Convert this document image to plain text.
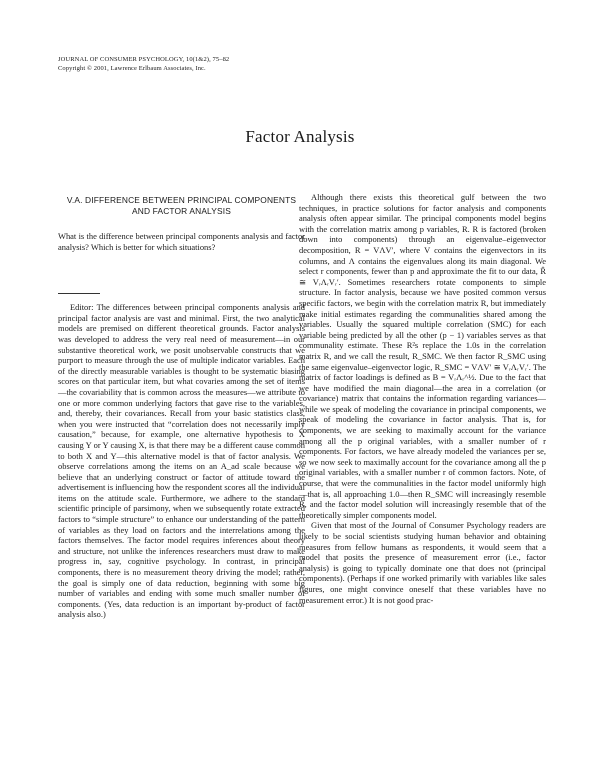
JOURNAL OF CONSUMER PSYCHOLOGY, 10(1&2), 75–82
Copyright © 2001, Lawrence Erlbaum Associates, Inc.
Factor Analysis
V.A. DIFFERENCE BETWEEN PRINCIPAL COMPONENTS AND FACTOR ANALYSIS

What is the difference between principal components analysis and factor analysis? Which is better for which situations?

Editor: The differences between principal components analysis and principal factor analysis are vast and minimal. First, the two analytical models are premised on different theoretical grounds. Factor analysis was developed to address the very real need of measurement—in our substantive theoretical work, we posit unobservable constructs that we purport to measure through the use of multiple indicator variables. Each of the directly measurable variables is thought to be systematic biasing scores on that particular item, but what covaries among the set of items—the covariability that is common across the measures—we attribute to one or more common underlying factors that gave rise to the variables, and, thereby, their covariances. Recall from your basic statistics class, when you were instructed that “correlation does not necessarily imply causation,” because, for example, one alternative hypothesis to X causing Y or Y causing X, is that there may be a different cause common to both X and Y—this alternative model is that of factor analysis. We observe correlations among the items on an A_ad scale because we believe that an underlying construct or factor of attitude toward the advertisement is influencing how the respondent scores all the individual items on the attitude scale. Furthermore, we adhere to the standard scientific principle of parsimony, when we subsequently rotate extracted factors to “simple structure” to enhance our understanding of the pattern of variables as they load on factors and the interrelations among the factors themselves. The factor model requires inferences about theory and structure, not unlike the inferences researchers must draw to make progress in, say, cognitive psychology. In contrast, in principal components, there is no measurement theory driving the model; rather, the goal is simply one of data reduction, beginning with some big number of variables and ending with some much smaller number of components. (Yes, data reduction is an important by-product of factor analysis also.)

Although there exists this theoretical gulf between the two techniques, in practice solutions for factor analysis and components analysis often appear similar. The principal components model begins with the correlation matrix among p variables, R. R is factored (broken down into components) through an eigenvalue–eigenvector decomposition, R = VΛV′, where V contains the eigenvectors in its columns, and Λ contains the eigenvalues along its main diagonal. We select r components, fewer than p and approximate the fit to our data, R̂ ≅ VᵣΛᵣVᵣ′. Sometimes researchers rotate components to simple structure. In factor analysis, because we have posited common versus specific factors, we begin with the correlation matrix R, but immediately make initial estimates regarding the communalities shared among the variables. Usually the squared multiple correlation (SMC) for each variable being predicted by all the other (p − 1) variables serves as that communality estimate. These R²s replace the 1.0s in the correlation matrix R, and we call the result, R_SMC. We then factor R_SMC using the same eigenvalue–eigenvector logic, R_SMC = VΛV′ ≅ VᵣΛᵣVᵣ′. The matrix of factor loadings is defined as B = VᵣΛᵣ^½. Due to the fact that we have modified the main diagonal—the area in a correlation (or covariance) matrix that contains the information regarding variances—while we speak of modeling the covariance in principal components, we speak of modeling the covariance in factor analysis. That is, for components, we are seeking to maximally account for the variance among all the p original variables, with a smaller number of r components. For factors, we have already modeled the variances per se, so we now seek to maximally account for the covariance among all the p original variables, with a smaller number r of common factors. Note, of course, that were the communalities in the factor model uniformly high—that is, all approaching 1.0—then R_SMC will increasingly resemble R, and the factor model solution will increasingly resemble that of the theoretically simpler components model.

Given that most of the Journal of Consumer Psychology readers are likely to be social scientists studying human behavior and obtaining measures from fellow humans as respondents, it would seem that a model that posits the presence of measurement error (i.e., factor analysis) is going to typically dominate one that does not (principal components). (Perhaps if one worked primarily with variables like sales figures, one might convince oneself that these variables have no measurement error.) It is not good prac-
